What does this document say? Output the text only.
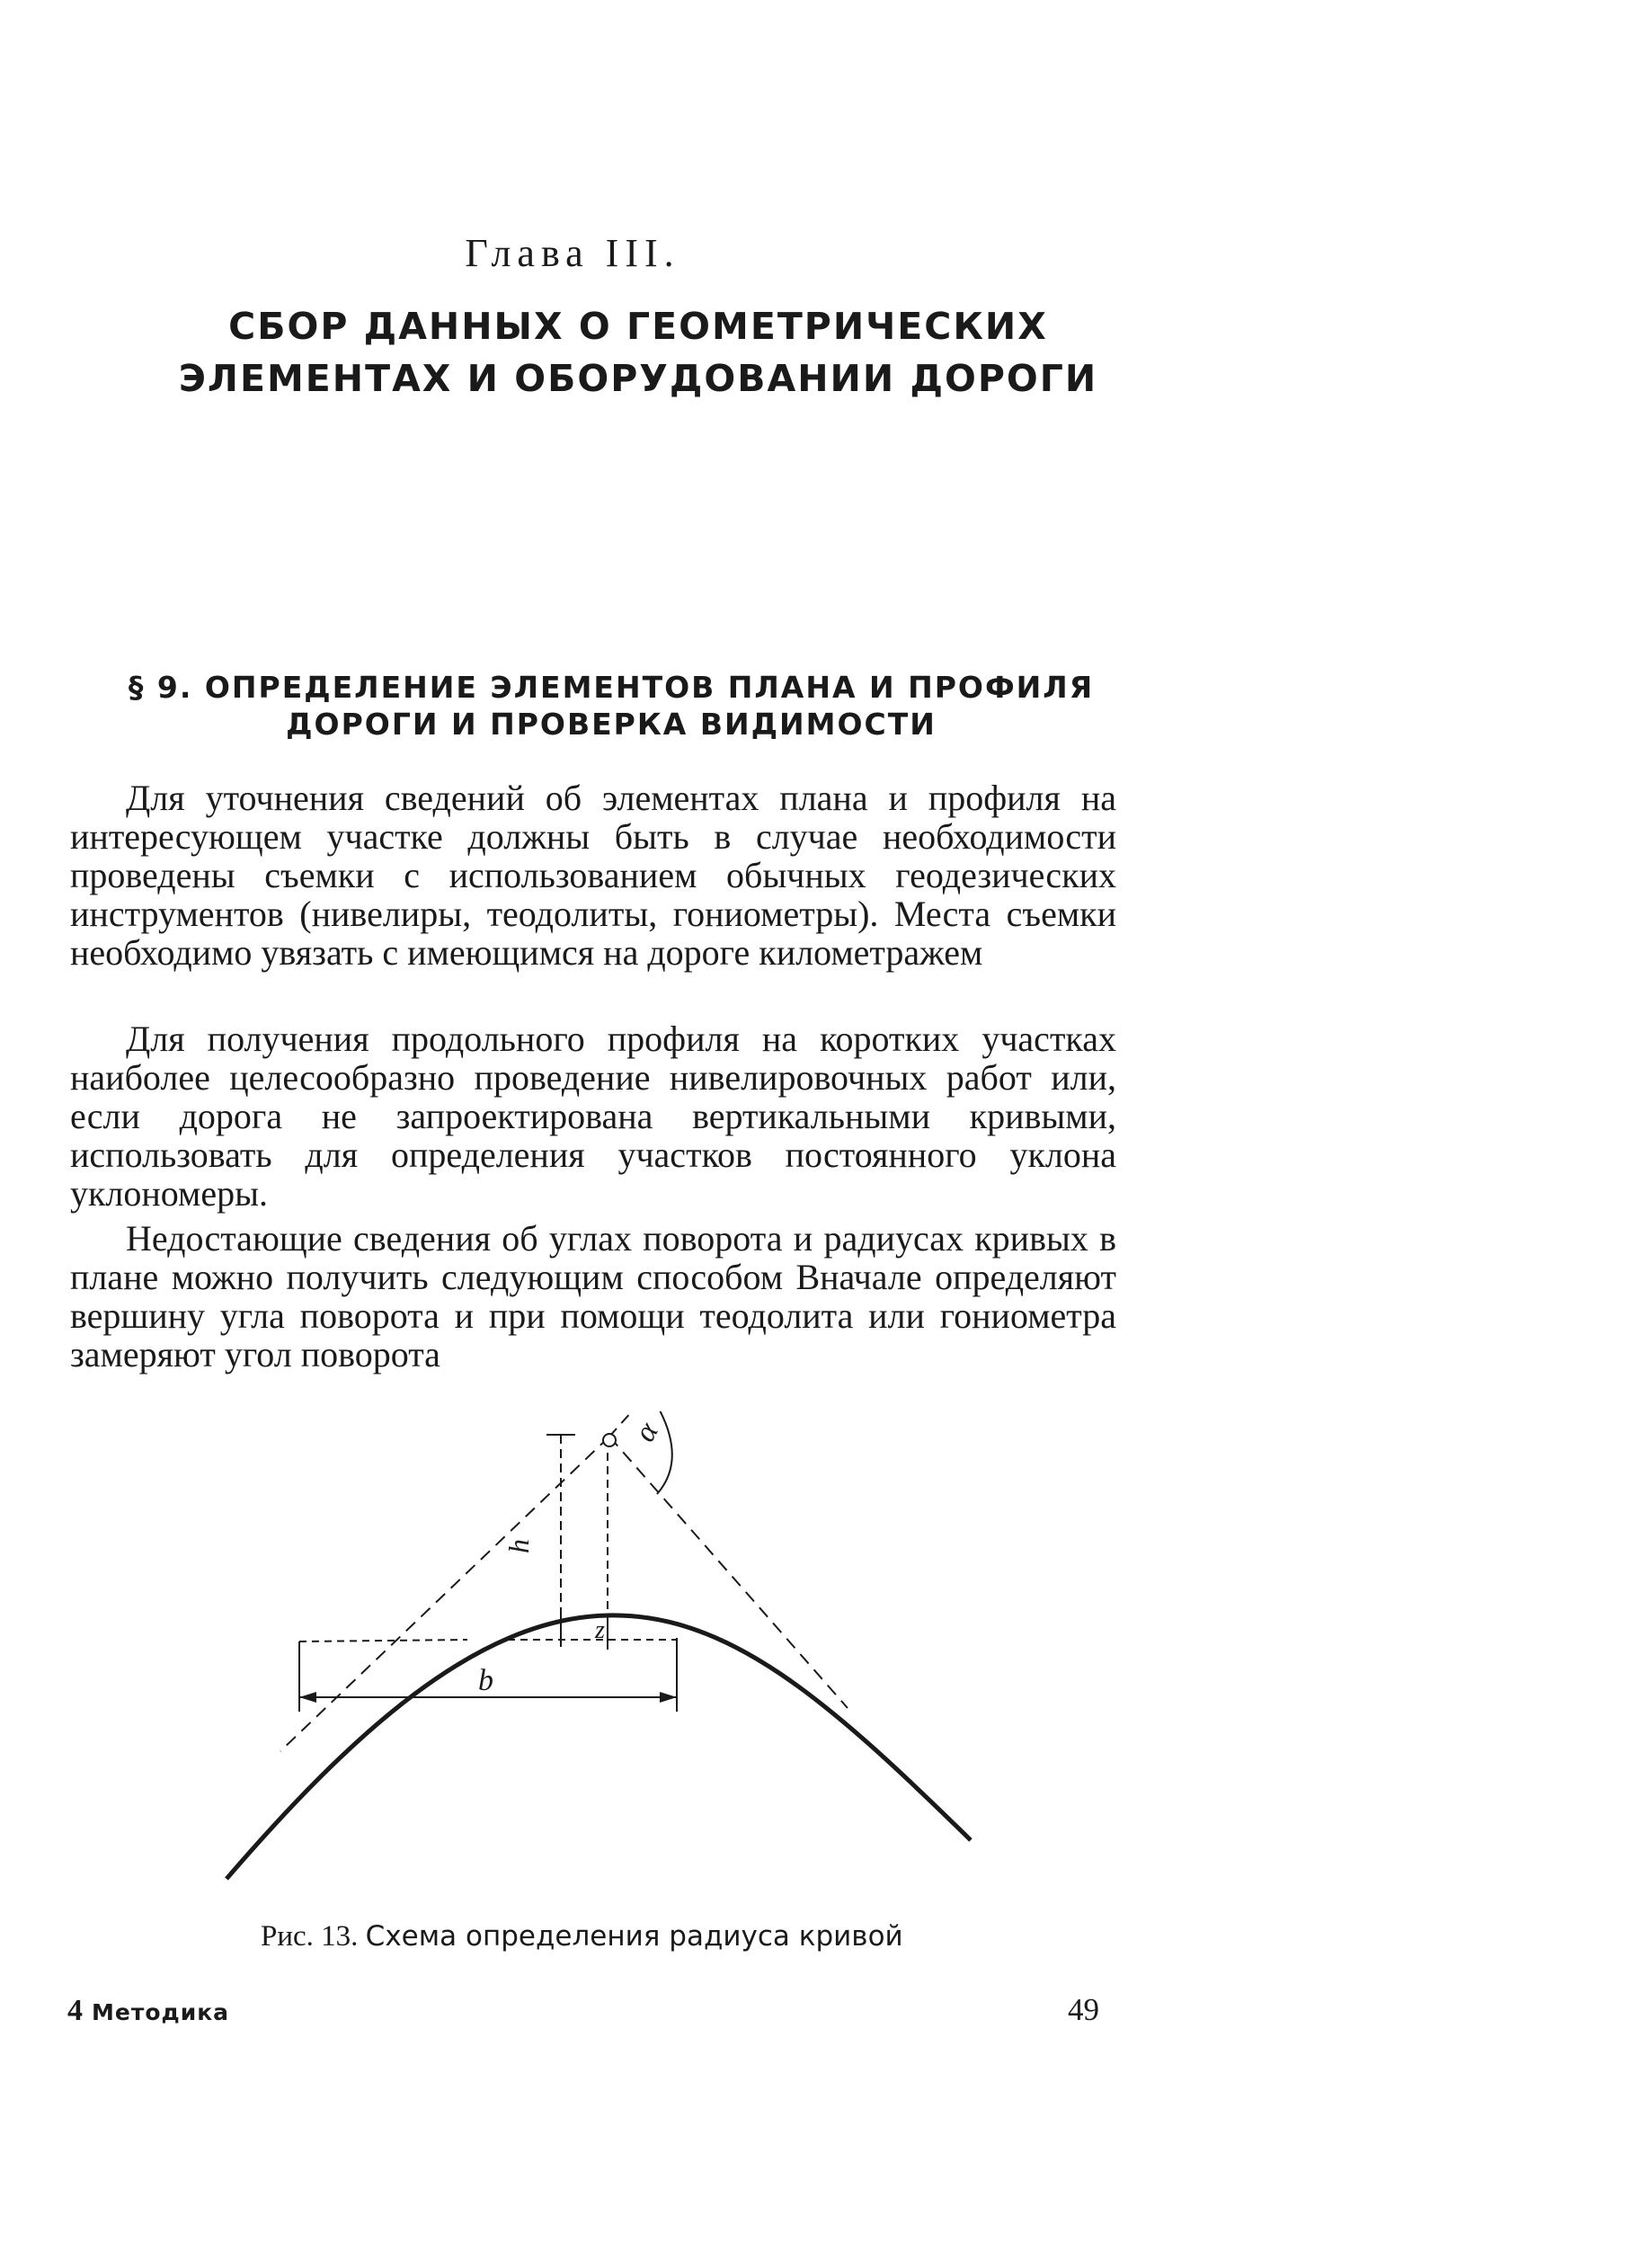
Глава III.
СБОР ДАННЫХ О ГЕОМЕТРИЧЕСКИХ
ЭЛЕМЕНТАХ И ОБОРУДОВАНИИ ДОРОГИ
§ 9. ОПРЕДЕЛЕНИЕ ЭЛЕМЕНТОВ ПЛАНА И ПРОФИЛЯ
ДОРОГИ И ПРОВЕРКА ВИДИМОСТИ

Для уточнения сведений об элементах плана и профиля на интересующем участке должны быть в случае необходимости проведены съемки с использованием обычных геодезических инструментов (нивелиры, теодолиты, гониометры). Места съемки необходимо увязать с имеющимся на дороге километражем

Для получения продольного профиля на коротких участках наиболее целесообразно проведение нивелировочных работ или, если дорога не запроектирована вертикальными кривыми, использовать для определения участков постоянного уклона уклономеры.

Недостающие сведения об углах поворота и радиусах кривых в плане можно получить следующим способом Вначале определяют вершину угла поворота и при помощи теодолита или гониометра замеряют угол поворота

α
h
z
b
Рис. 13. Схема определения радиуса кривой
4 Методика	49
